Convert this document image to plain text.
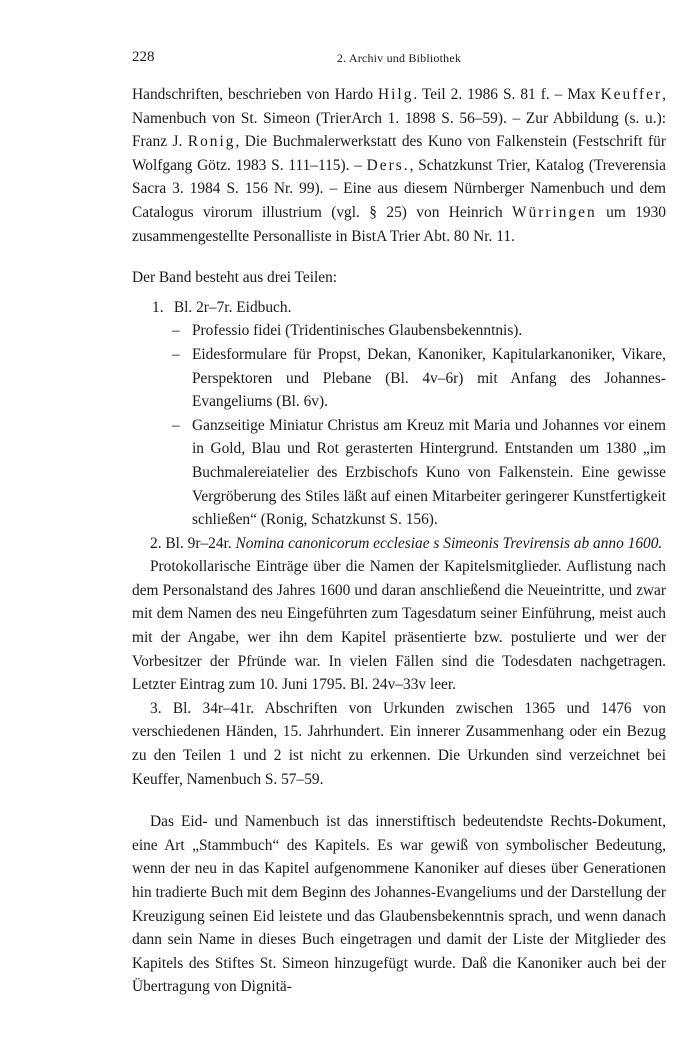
228	2. Archiv und Bibliothek

Handschriften, beschrieben von Hardo Hilg. Teil 2. 1986 S. 81 f. – Max Keuffer, Namenbuch von St. Simeon (TrierArch 1. 1898 S. 56–59). – Zur Abbildung (s. u.): Franz J. Ronig, Die Buchmalerwerkstatt des Kuno von Falkenstein (Festschrift für Wolfgang Götz. 1983 S. 111–115). – Ders., Schatzkunst Trier, Katalog (Treverensia Sacra 3. 1984 S. 156 Nr. 99). – Eine aus diesem Nürnberger Namenbuch und dem Catalogus virorum illustrium (vgl. § 25) von Heinrich Würringen um 1930 zusammengestellte Personalliste in BistA Trier Abt. 80 Nr. 11.

Der Band besteht aus drei Teilen:

1. Bl. 2r–7r. Eidbuch.
– Professio fidei (Tridentinisches Glaubensbekenntnis).
– Eidesformulare für Propst, Dekan, Kanoniker, Kapitularkanoniker, Vikare, Perspektoren und Plebane (Bl. 4v–6r) mit Anfang des Johannes-Evangeliums (Bl. 6v).
– Ganzseitige Miniatur Christus am Kreuz mit Maria und Johannes vor einem in Gold, Blau und Rot gerasterten Hintergrund. Entstanden um 1380 „im Buchmalereiatelier des Erzbischofs Kuno von Falkenstein. Eine gewisse Vergröberung des Stiles läßt auf einen Mitarbeiter geringerer Kunstfertigkeit schließen“ (Ronig, Schatzkunst S. 156).

2. Bl. 9r–24r. Nomina canonicorum ecclesiae s Simeonis Trevirensis ab anno 1600.

Protokollarische Einträge über die Namen der Kapitelsmitglieder. Auflistung nach dem Personalstand des Jahres 1600 und daran anschließend die Neueintritte, und zwar mit dem Namen des neu Eingeführten zum Tagesdatum seiner Einführung, meist auch mit der Angabe, wer ihn dem Kapitel präsentierte bzw. postulierte und wer der Vorbesitzer der Pfründe war. In vielen Fällen sind die Todesdaten nachgetragen. Letzter Eintrag zum 10. Juni 1795. Bl. 24v–33v leer.

3. Bl. 34r–41r. Abschriften von Urkunden zwischen 1365 und 1476 von verschiedenen Händen, 15. Jahrhundert. Ein innerer Zusammenhang oder ein Bezug zu den Teilen 1 und 2 ist nicht zu erkennen. Die Urkunden sind verzeichnet bei Keuffer, Namenbuch S. 57–59.

Das Eid- und Namenbuch ist das innerstiftisch bedeutendste Rechts-Dokument, eine Art „Stammbuch“ des Kapitels. Es war gewiß von symbolischer Bedeutung, wenn der neu in das Kapitel aufgenommene Kanoniker auf dieses über Generationen hin tradierte Buch mit dem Beginn des Johannes-Evangeliums und der Darstellung der Kreuzigung seinen Eid leistete und das Glaubensbekenntnis sprach, und wenn danach dann sein Name in dieses Buch eingetragen und damit der Liste der Mitglieder des Kapitels des Stiftes St. Simeon hinzugefügt wurde. Daß die Kanoniker auch bei der Übertragung von Dignitä-
